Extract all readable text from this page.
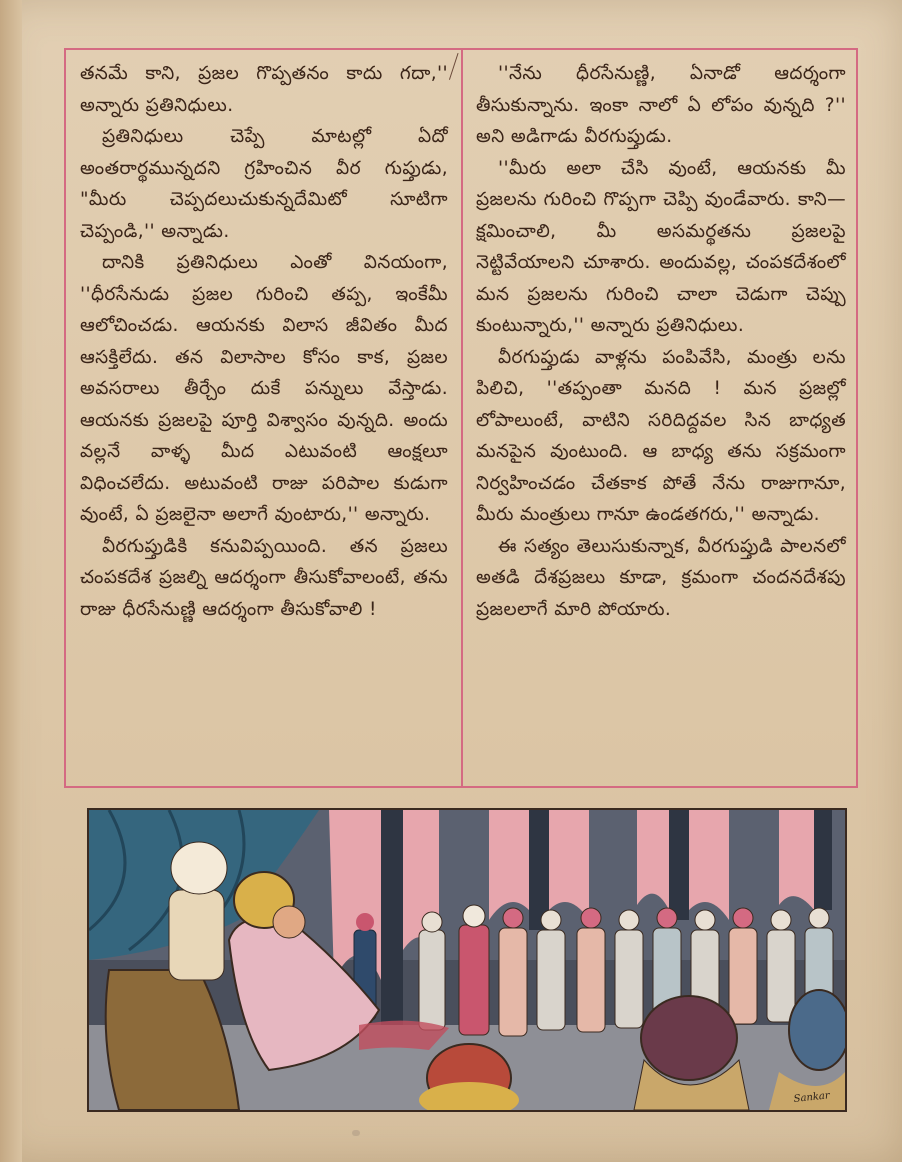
తనమే కాని, ప్రజల గొప్పతనం కాదు గదా,'' అన్నారు ప్రతినిధులు.

ప్రతినిధులు చెప్పే మాటల్లో ఏదో అంతరార్థమున్నదని గ్రహించిన వీర గుప్తుడు, "మీరు చెప్పదలుచుకున్నదేమిటో సూటిగా చెప్పండి,'' అన్నాడు.

దానికి ప్రతినిధులు ఎంతో వినయంగా, ''ధీరసేనుడు ప్రజల గురించి తప్ప, ఇంకేమీ ఆలోచించడు. ఆయనకు విలాస జీవితం మీద ఆసక్తిలేదు. తన విలాసాల కోసం కాక, ప్రజల అవసరాలు తీర్చేం దుకే పన్నులు వేస్తాడు. ఆయనకు ప్రజలపై పూర్తి విశ్వాసం వున్నది. అందు వల్లనే వాళ్ళ మీద ఎటువంటి ఆంక్షలూ విధించలేదు. అటువంటి రాజు పరిపాల కుడుగా వుంటే, ఏ ప్రజలైనా అలాగే వుంటారు,'' అన్నారు.

వీరగుప్తుడికి కనువిప్పయింది. తన ప్రజలు చంపకదేశ ప్రజల్ని ఆదర్శంగా తీసుకోవాలంటే, తను రాజు ధీరసేనుణ్ణి ఆదర్శంగా తీసుకోవాలి !

''నేను ధీరసేనుణ్ణి, ఏనాడో ఆదర్శంగా తీసుకున్నాను. ఇంకా నాలో ఏ లోపం వున్నది ?'' అని అడిగాడు వీరగుప్తుడు.

''మీరు అలా చేసి వుంటే, ఆయనకు మీ ప్రజలను గురించి గొప్పగా చెప్పి వుండేవారు. కాని—క్షమించాలి, మీ అసమర్థతను ప్రజలపై నెట్టివేయాలని చూశారు. అందువల్ల, చంపకదేశంలో మన ప్రజలను గురించి చాలా చెడుగా చెప్పు కుంటున్నారు,'' అన్నారు ప్రతినిధులు.

వీరగుప్తుడు వాళ్లను పంపివేసి, మంత్రు లను పిలిచి, ''తప్పంతా మనది ! మన ప్రజల్లో లోపాలుంటే, వాటిని సరిదిద్దవల సిన బాధ్యత మనపైన వుంటుంది. ఆ బాధ్య తను సక్రమంగా నిర్వహించడం చేతకాక పోతే నేను రాజుగానూ, మీరు మంత్రులు గానూ ఉండతగరు,'' అన్నాడు.

ఈ సత్యం తెలుసుకున్నాక, వీరగుప్తుడి పాలనలో అతడి దేశప్రజలు కూడా, క్రమంగా చందనదేశపు ప్రజలలాగే మారి పోయారు.

Sankar
